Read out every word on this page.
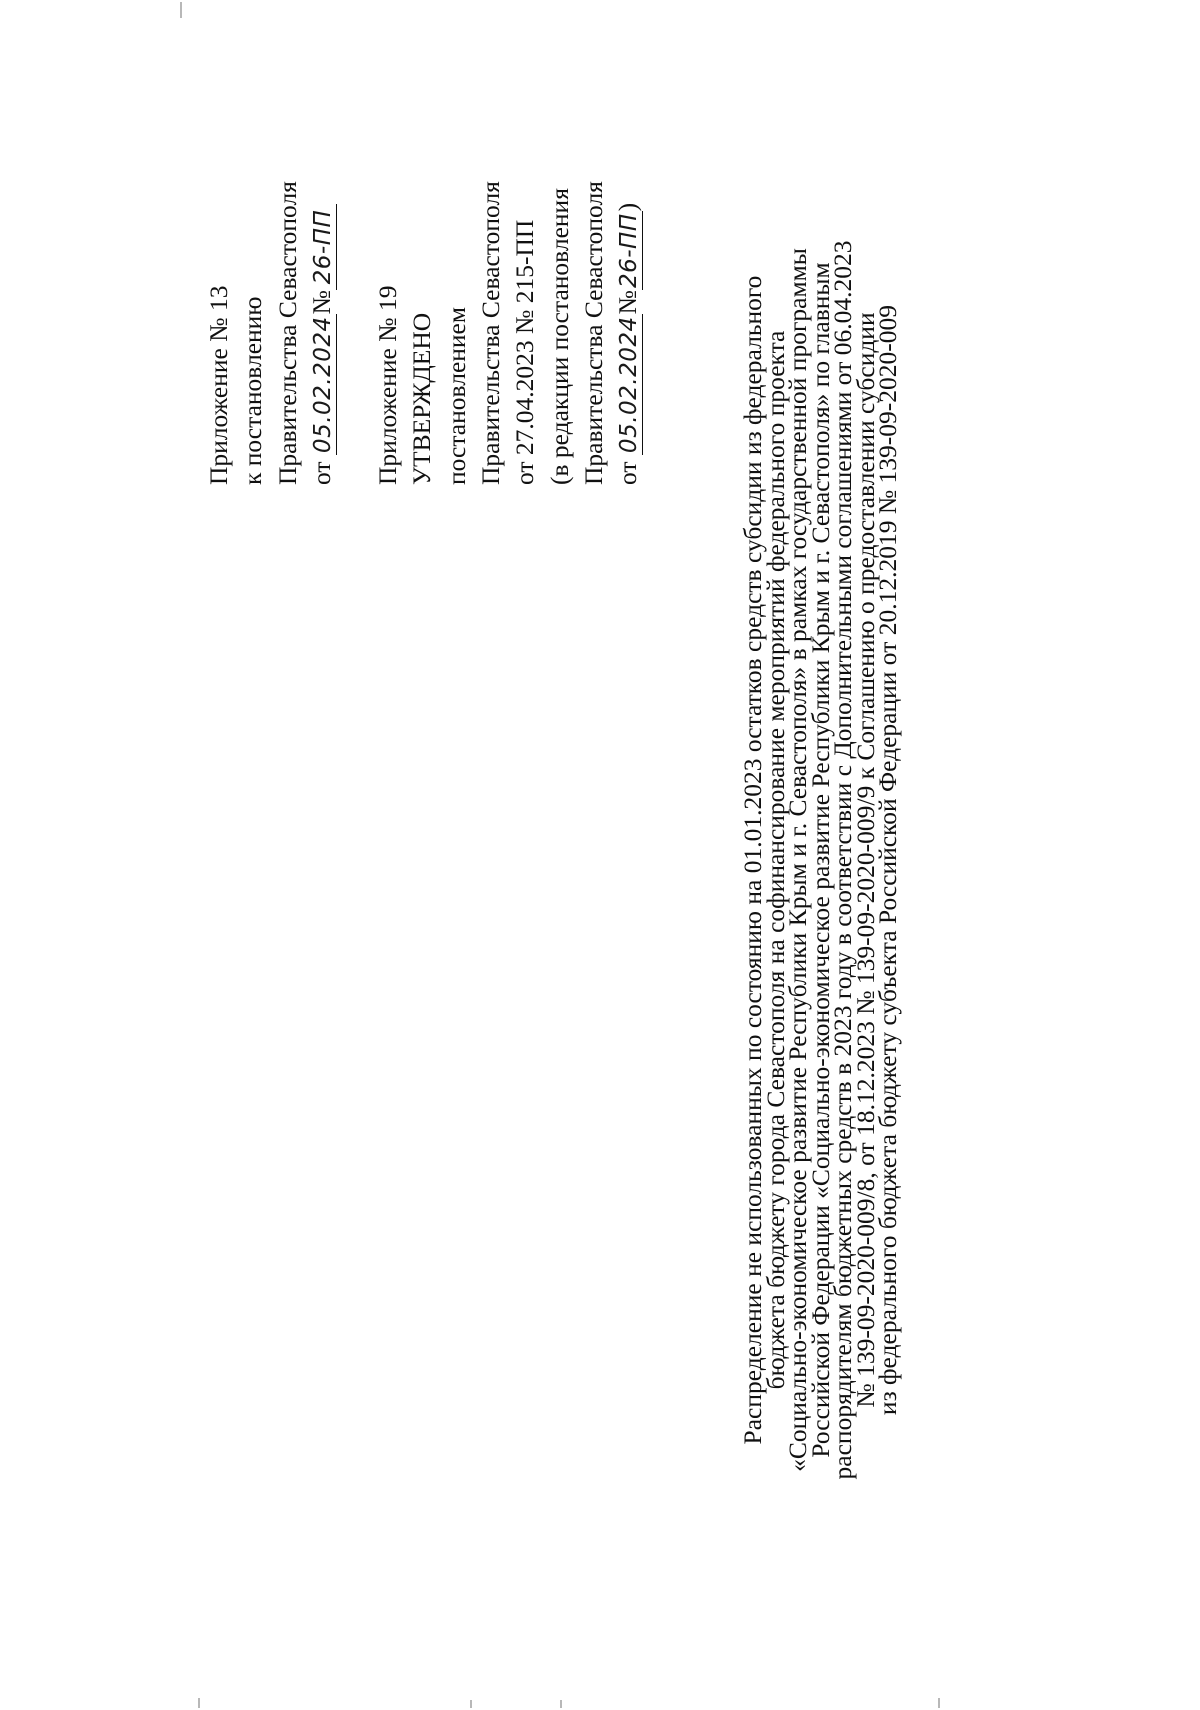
Приложение № 13 к постановлению Правительства Севастополя от 05.02.2024№26-ПП
Приложение № 19 УТВЕРЖДЕНО постановлением Правительства Севастополя от 27.04.2023 № 215-ПП (в редакции постановления Правительства Севастополя от 05.02.2024№26-ПП)
Распределение не использованных по состоянию на 01.01.2023 остатков средств субсидии из федерального
бюджета бюджету города Севастополя на софинансирование мероприятий федерального проекта
«Социально-экономическое развитие Республики Крым и г. Севастополя» в рамках государственной программы
Российской Федерации «Социально-экономическое развитие Республики Крым и г. Севастополя» по главным
распорядителям бюджетных средств в 2023 году в соответствии с Дополнительными соглашениями от 06.04.2023
№ 139-09-2020-009/8, от 18.12.2023 № 139-09-2020-009/9 к Соглашению о предоставлении субсидии
из федерального бюджета бюджету субъекта Российской Федерации от 20.12.2019 № 139-09-2020-009
